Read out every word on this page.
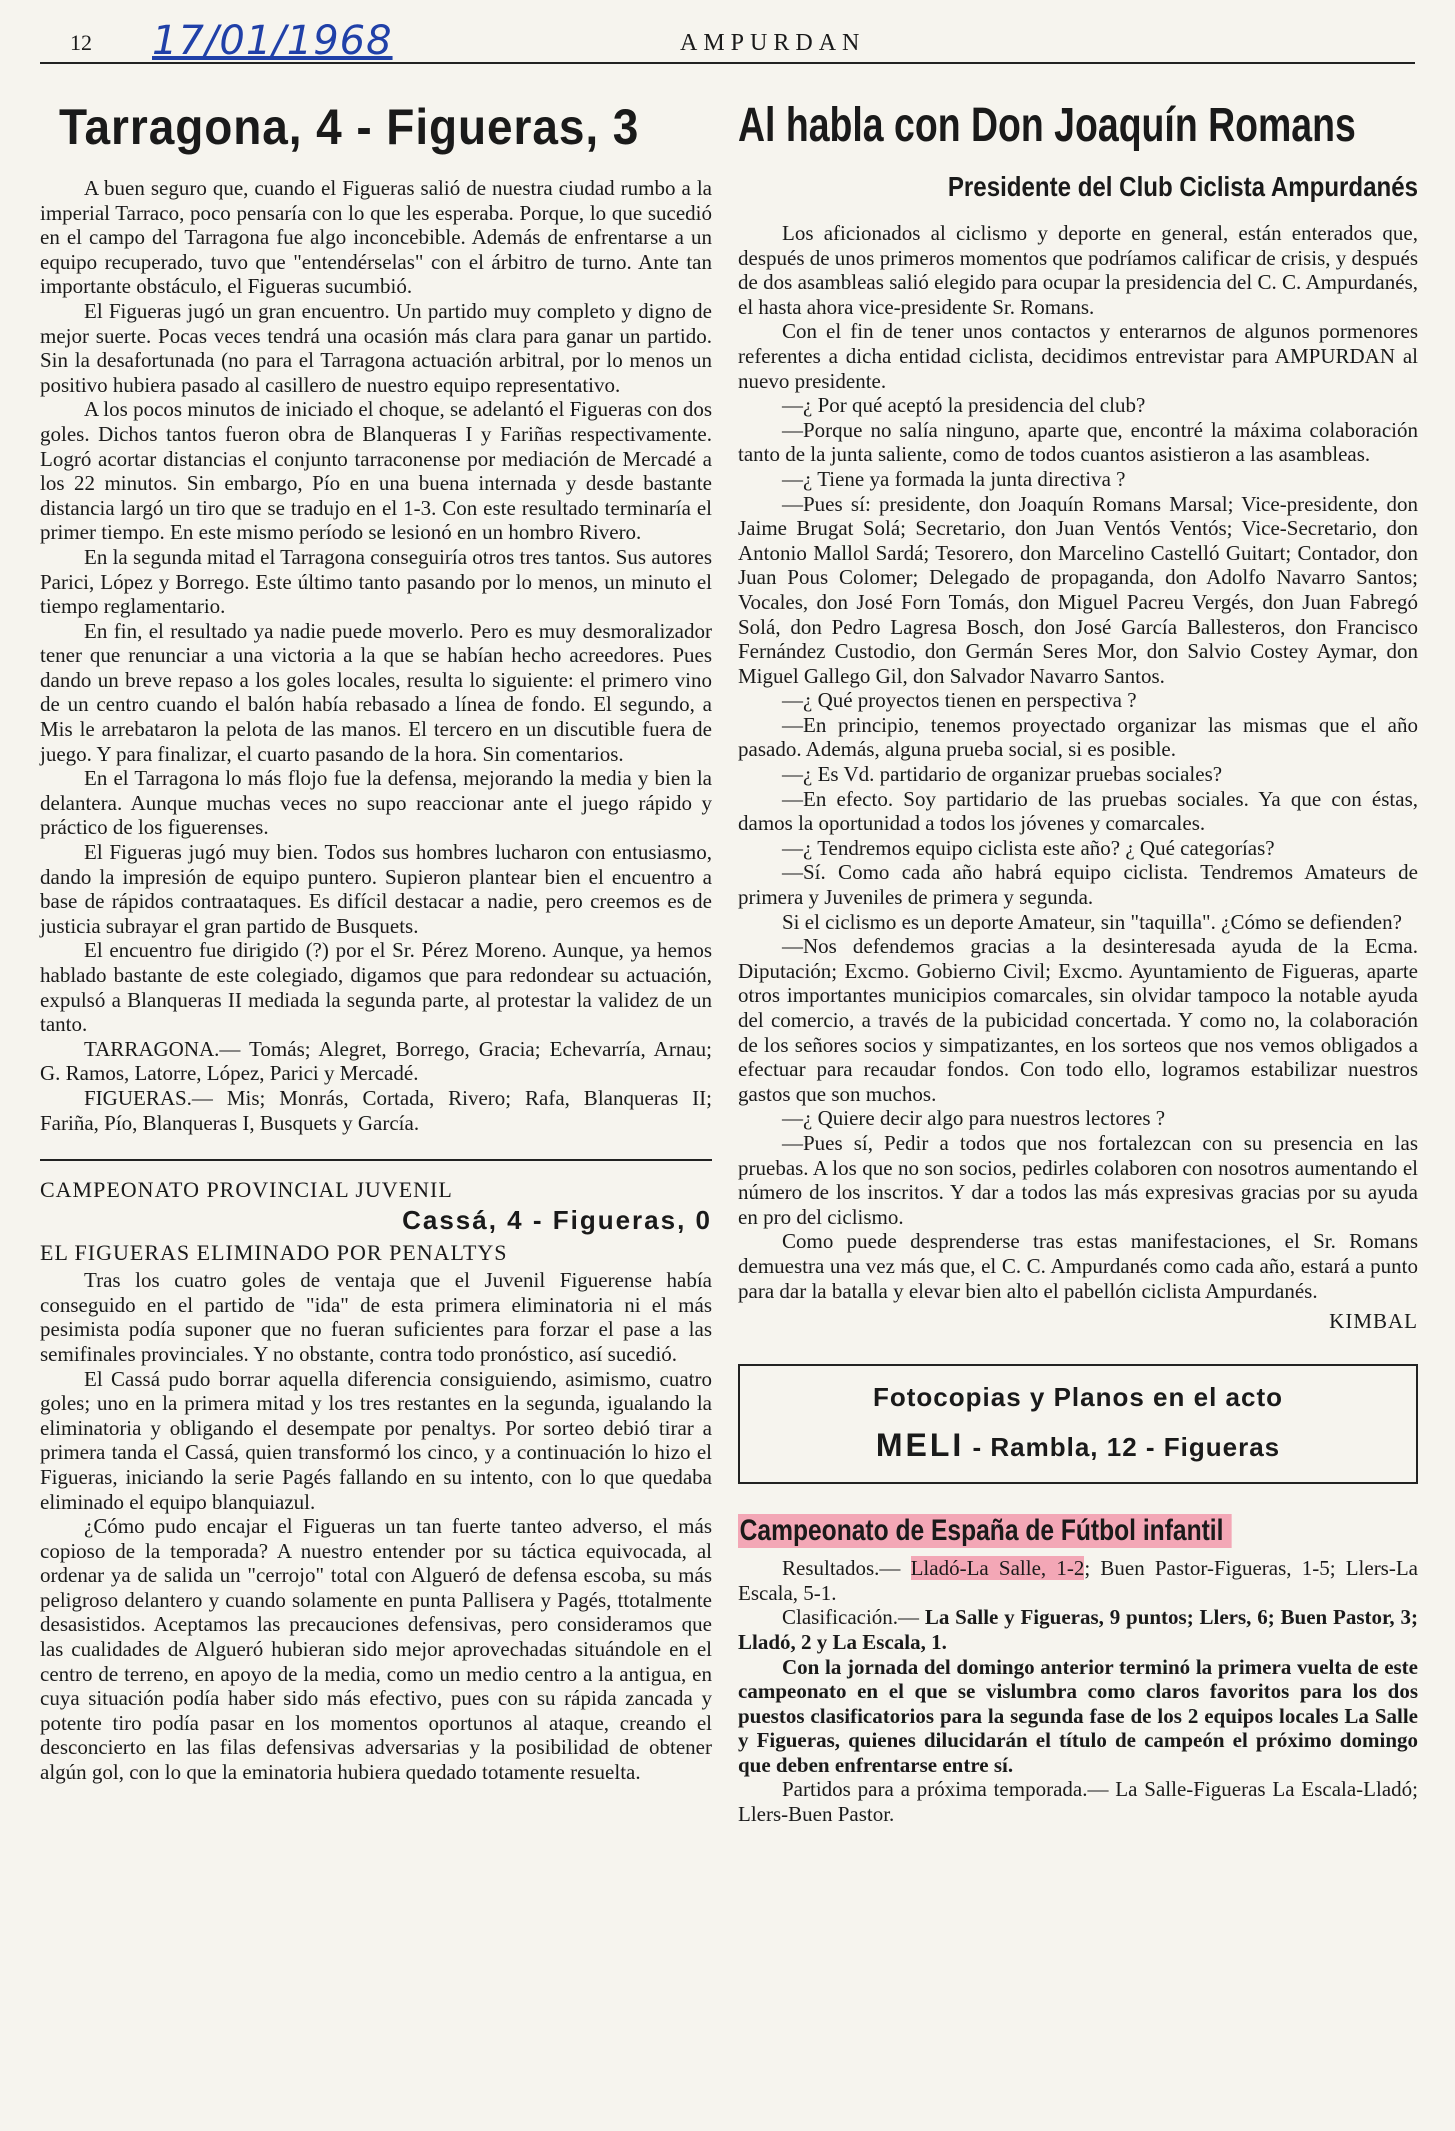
12 17/01/1968	AMPURDAN
Tarragona, 4 - Figueras, 3

A buen seguro que, cuando el Figueras salió de nuestra ciudad rumbo a la imperial Tarraco, poco pensaría con lo que les esperaba. Porque, lo que sucedió en el campo del Tarragona fue algo inconcebible. Además de enfrentarse a un equipo recuperado, tuvo que "entendérselas" con el árbitro de turno. Ante tan importante obstáculo, el Figueras sucumbió.

El Figueras jugó un gran encuentro. Un partido muy completo y digno de mejor suerte. Pocas veces tendrá una ocasión más clara para ganar un partido. Sin la desafortunada (no para el Tarragona actuación arbitral, por lo menos un positivo hubiera pasado al casillero de nuestro equipo representativo.

A los pocos minutos de iniciado el choque, se adelantó el Figueras con dos goles. Dichos tantos fueron obra de Blanqueras I y Fariñas respectivamente. Logró acortar distancias el conjunto tarraconense por mediación de Mercadé a los 22 minutos. Sin embargo, Pío en una buena internada y desde bastante distancia largó un tiro que se tradujo en el 1-3. Con este resultado terminaría el primer tiempo. En este mismo período se lesionó en un hombro Rivero.

En la segunda mitad el Tarragona conseguiría otros tres tantos. Sus autores Parici, López y Borrego. Este último tanto pasando por lo menos, un minuto el tiempo reglamentario.

En fin, el resultado ya nadie puede moverlo. Pero es muy desmoralizador tener que renunciar a una victoria a la que se habían hecho acreedores. Pues dando un breve repaso a los goles locales, resulta lo siguiente: el primero vino de un centro cuando el balón había rebasado a línea de fondo. El segundo, a Mis le arrebataron la pelota de las manos. El tercero en un discutible fuera de juego. Y para finalizar, el cuarto pasando de la hora. Sin comentarios.

En el Tarragona lo más flojo fue la defensa, mejorando la media y bien la delantera. Aunque muchas veces no supo reaccionar ante el juego rápido y práctico de los figuerenses.

El Figueras jugó muy bien. Todos sus hombres lucharon con entusiasmo, dando la impresión de equipo puntero. Supieron plantear bien el encuentro a base de rápidos contraataques. Es difícil destacar a nadie, pero creemos es de justicia subrayar el gran partido de Busquets.

El encuentro fue dirigido (?) por el Sr. Pérez Moreno. Aunque, ya hemos hablado bastante de este colegiado, digamos que para redondear su actuación, expulsó a Blanqueras II mediada la segunda parte, al protestar la validez de un tanto.

TARRAGONA.— Tomás; Alegret, Borrego, Gracia; Echevarría, Arnau; G. Ramos, Latorre, López, Parici y Mercadé.

FIGUERAS.— Mis; Monrás, Cortada, Rivero; Rafa, Blanqueras II; Fariña, Pío, Blanqueras I, Busquets y García.

CAMPEONATO PROVINCIAL JUVENIL
Cassá, 4 - Figueras, 0
EL FIGUERAS ELIMINADO POR PENALTYS

Tras los cuatro goles de ventaja que el Juvenil Figuerense había conseguido en el partido de "ida" de esta primera eliminatoria ni el más pesimista podía suponer que no fueran suficientes para forzar el pase a las semifinales provinciales. Y no obstante, contra todo pronóstico, así sucedió.

El Cassá pudo borrar aquella diferencia consiguiendo, asimismo, cuatro goles; uno en la primera mitad y los tres restantes en la segunda, igualando la eliminatoria y obligando el desempate por penaltys. Por sorteo debió tirar a primera tanda el Cassá, quien transformó los cinco, y a continuación lo hizo el Figueras, iniciando la serie Pagés fallando en su intento, con lo que quedaba eliminado el equipo blanquiazul.

¿Cómo pudo encajar el Figueras un tan fuerte tanteo adverso, el más copioso de la temporada? A nuestro entender por su táctica equivocada, al ordenar ya de salida un "cerrojo" total con Algueró de defensa escoba, su más peligroso delantero y cuando solamente en punta Pallisera y Pagés, ttotalmente desasistidos. Aceptamos las precauciones defensivas, pero consideramos que las cualidades de Algueró hubieran sido mejor aprovechadas situándole en el centro de terreno, en apoyo de la media, como un medio centro a la antigua, en cuya situación podía haber sido más efectivo, pues con su rápida zancada y potente tiro podía pasar en los momentos oportunos al ataque, creando el desconcierto en las filas defensivas adversarias y la posibilidad de obtener algún gol, con lo que la eminatoria hubiera quedado totamente resuelta.

Al habla con Don Joaquín Romans
Presidente del Club Ciclista Ampurdanés

Los aficionados al ciclismo y deporte en general, están enterados que, después de unos primeros momentos que podríamos calificar de crisis, y después de dos asambleas salió elegido para ocupar la presidencia del C. C. Ampurdanés, el hasta ahora vice-presidente Sr. Romans.

Con el fin de tener unos contactos y enterarnos de algunos pormenores referentes a dicha entidad ciclista, decidimos entrevistar para AMPURDAN al nuevo presidente.

—¿ Por qué aceptó la presidencia del club?

—Porque no salía ninguno, aparte que, encontré la máxima colaboración tanto de la junta saliente, como de todos cuantos asistieron a las asambleas.

—¿ Tiene ya formada la junta directiva ?

—Pues sí: presidente, don Joaquín Romans Marsal; Vice-presidente, don Jaime Brugat Solá; Secretario, don Juan Ventós Ventós; Vice-Secretario, don Antonio Mallol Sardá; Tesorero, don Marcelino Castelló Guitart; Contador, don Juan Pous Colomer; Delegado de propaganda, don Adolfo Navarro Santos; Vocales, don José Forn Tomás, don Miguel Pacreu Vergés, don Juan Fabregó Solá, don Pedro Lagresa Bosch, don José García Ballesteros, don Francisco Fernández Custodio, don Germán Seres Mor, don Salvio Costey Aymar, don Miguel Gallego Gil, don Salvador Navarro Santos.

—¿ Qué proyectos tienen en perspectiva ?

—En principio, tenemos proyectado organizar las mismas que el año pasado. Además, alguna prueba social, si es posible.

—¿ Es Vd. partidario de organizar pruebas sociales?

—En efecto. Soy partidario de las pruebas sociales. Ya que con éstas, damos la oportunidad a todos los jóvenes y comarcales.

—¿ Tendremos equipo ciclista este año? ¿ Qué categorías?

—Sí. Como cada año habrá equipo ciclista. Tendremos Amateurs de primera y Juveniles de primera y segunda.

Si el ciclismo es un deporte Amateur, sin "taquilla". ¿Cómo se defienden?

—Nos defendemos gracias a la desinteresada ayuda de la Ecma. Diputación; Excmo. Gobierno Civil; Excmo. Ayuntamiento de Figueras, aparte otros importantes municipios comarcales, sin olvidar tampoco la notable ayuda del comercio, a través de la pubicidad concertada. Y como no, la colaboración de los señores socios y simpatizantes, en los sorteos que nos vemos obligados a efectuar para recaudar fondos. Con todo ello, logramos estabilizar nuestros gastos que son muchos.

—¿ Quiere decir algo para nuestros lectores ?

—Pues sí, Pedir a todos que nos fortalezcan con su presencia en las pruebas. A los que no son socios, pedirles colaboren con nosotros aumentando el número de los inscritos. Y dar a todos las más expresivas gracias por su ayuda en pro del ciclismo.

Como puede desprenderse tras estas manifestaciones, el Sr. Romans demuestra una vez más que, el C. C. Ampurdanés como cada año, estará a punto para dar la batalla y elevar bien alto el pabellón ciclista Ampurdanés.

KIMBAL
Fotocopias y Planos en el acto
MELI - Rambla, 12 - Figueras
Campeonato de España de Fútbol infantil

Resultados.— Lladó-La Salle, 1-2; Buen Pastor-Figueras, 1-5; Llers-La Escala, 5-1.

Clasificación.— La Salle y Figueras, 9 puntos; Llers, 6; Buen Pastor, 3; Lladó, 2 y La Escala, 1.

Con la jornada del domingo anterior terminó la primera vuelta de este campeonato en el que se vislumbra como claros favoritos para los dos puestos clasificatorios para la segunda fase de los 2 equipos locales La Salle y Figueras, quienes dilucidarán el título de campeón el próximo domingo que deben enfrentarse entre sí.

Partidos para a próxima temporada.— La Salle-Figueras La Escala-Lladó; Llers-Buen Pastor.
